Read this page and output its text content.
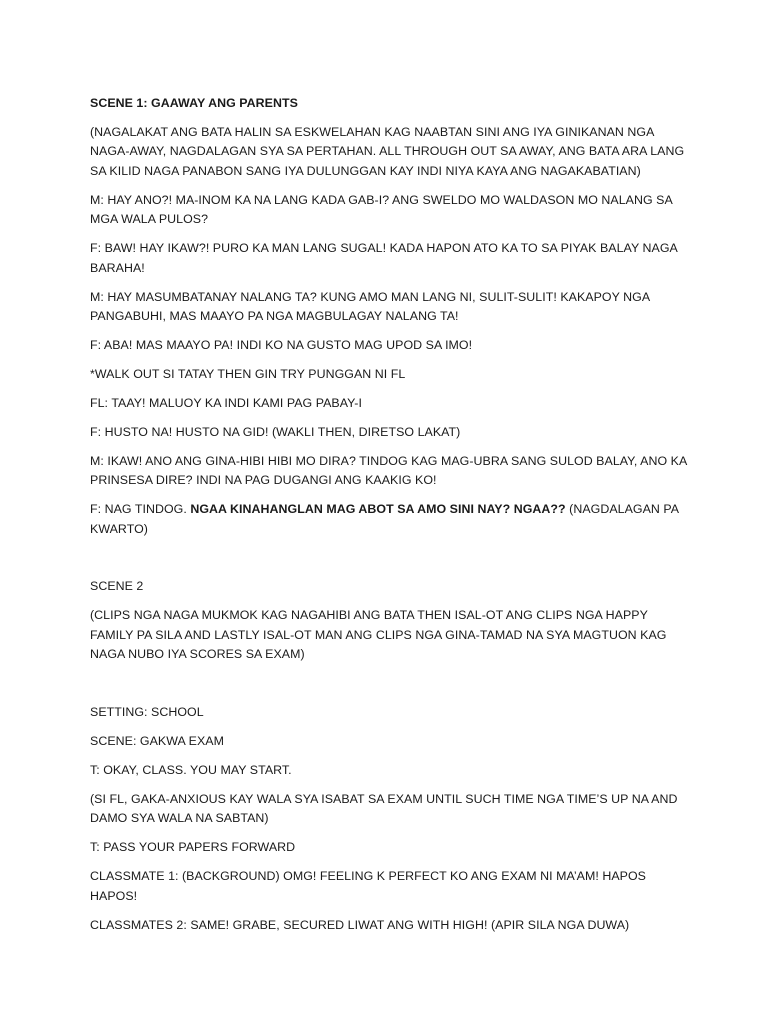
SCENE 1: GAAWAY ANG PARENTS

(NAGALAKAT ANG BATA HALIN SA ESKWELAHAN KAG NAABTAN SINI ANG IYA GINIKANAN NGA NAGA-AWAY, NAGDALAGAN SYA SA PERTAHAN. ALL THROUGH OUT SA AWAY, ANG BATA ARA LANG SA KILID NAGA PANABON SANG IYA DULUNGGAN KAY INDI NIYA KAYA ANG NAGAKABATIAN)

M: HAY ANO?! MA-INOM KA NA LANG KADA GAB-I? ANG SWELDO MO WALDASON MO NALANG SA MGA WALA PULOS?

F: BAW! HAY IKAW?! PURO KA MAN LANG SUGAL! KADA HAPON ATO KA TO SA PIYAK BALAY NAGA BARAHA!

M: HAY MASUMBATANAY NALANG TA? KUNG AMO MAN LANG NI, SULIT-SULIT! KAKAPOY NGA PANGABUHI, MAS MAAYO PA NGA MAGBULAGAY NALANG TA!

F: ABA! MAS MAAYO PA! INDI KO NA GUSTO MAG UPOD SA IMO!

*WALK OUT SI TATAY THEN GIN TRY PUNGGAN NI FL

FL: TAAY! MALUOY KA INDI KAMI PAG PABAY-I

F: HUSTO NA! HUSTO NA GID! (WAKLI THEN, DIRETSO LAKAT)

M: IKAW! ANO ANG GINA-HIBI HIBI MO DIRA? TINDOG KAG MAG-UBRA SANG SULOD BALAY, ANO KA PRINSESA DIRE? INDI NA PAG DUGANGI ANG KAAKIG KO!

F: NAG TINDOG. NGAA KINAHANGLAN MAG ABOT SA AMO SINI NAY? NGAA?? (NAGDALAGAN PA KWARTO)

SCENE 2

(CLIPS NGA NAGA MUKMOK KAG NAGAHIBI ANG BATA THEN ISAL-OT ANG CLIPS NGA HAPPY FAMILY PA SILA AND LASTLY ISAL-OT MAN ANG CLIPS NGA GINA-TAMAD NA SYA MAGTUON KAG NAGA NUBO IYA SCORES SA EXAM)

SETTING: SCHOOL

SCENE: GAKWA EXAM

T: OKAY, CLASS. YOU MAY START.

(SI FL, GAKA-ANXIOUS KAY WALA SYA ISABAT SA EXAM UNTIL SUCH TIME NGA TIME’S UP NA AND DAMO SYA WALA NA SABTAN)

T: PASS YOUR PAPERS FORWARD

CLASSMATE 1: (BACKGROUND) OMG! FEELING K PERFECT KO ANG EXAM NI MA’AM! HAPOS HAPOS!

CLASSMATES 2: SAME! GRABE, SECURED LIWAT ANG WITH HIGH! (APIR SILA NGA DUWA)
